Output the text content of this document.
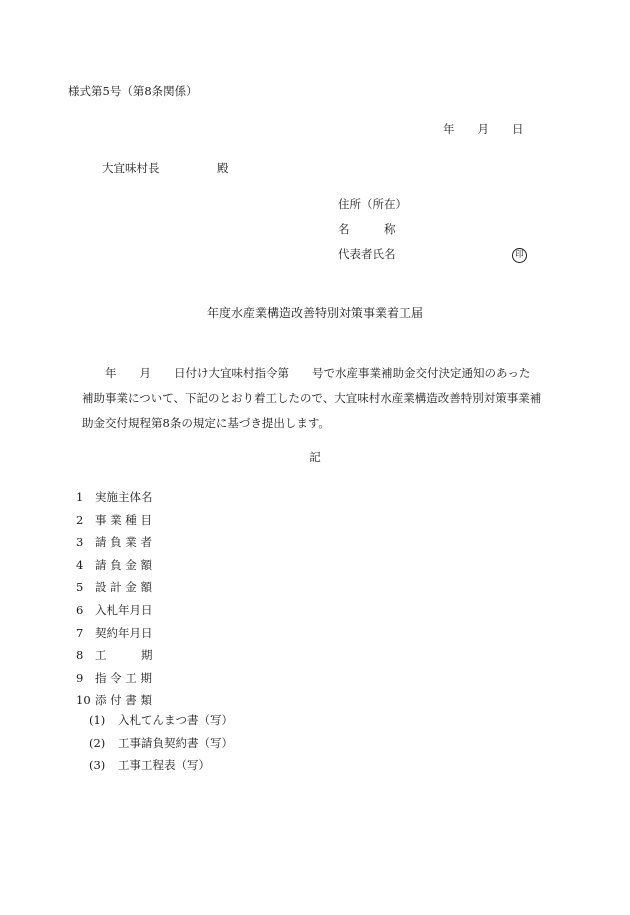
様式第5号（第8条関係）
年　　月　　日
大宜味村長　　　　　殿
住所（所在）
名　　　称
代表者氏名	印
年度水産業構造改善特別対策事業着工届
　　年　　月　　日付け大宜味村指令第　　号で水産事業補助金交付決定通知のあった
補助事業について、下記のとおり着工したので、大宜味村水産業構造改善特別対策事業補
助金交付規程第8条の規定に基づき提出します。
記
1 実施主体名
2 事 業 種 目
3 請 負 業 者
4 請 負 金 額
5 設 計 金 額
6 入札年月日
7 契約年月日
8 工　　　期
9 指 令 工 期
10 添 付 書 類
(1) 入札てんまつ書（写）
(2) 工事請負契約書（写）
(3) 工事工程表（写）
